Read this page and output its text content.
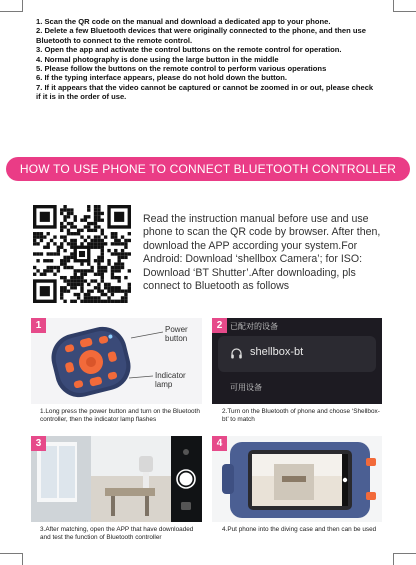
1. Scan the QR code on the manual and download a dedicated app to your phone.
2. Delete a few Bluetooth devices that were originally connected to the phone, and then use Bluetooth to connect to the remote control.
3. Open the app and activate the control buttons on the remote control for operation.
4. Normal photography is done using the large button in the middle
5. Please follow the buttons on the remote control to perform various operations
6. If the typing interface appears, please do not hold down the button.
7. If it appears that the video cannot be captured or cannot be zoomed in or out, please check if it is in the order of use.
HOW TO USE PHONE TO CONNECT BLUETOOTH CONTROLLER
Read the instruction manual before use and use phone to scan the QR code by browser. After then, download the APP according your system.For Android: Download ‘shellbox Camera’; for ISO: Download ‘BT Shutter’.After downloading, pls connect to Bluetooth as follows
1	Power button
Indicator lamp
1.Long press the power button and turn on the Bluetooth controller, then the indicator lamp flashes
2 已配对的设备
shellbox-bt
可用设备
2.Turn on the Bluetooth of phone and choose ‘Shellbox-bt’ to match
3
3.After matching, open the APP that have downloaded and test the function of Bluetooth controller
4
4.Put phone into the diving case and then can be used
